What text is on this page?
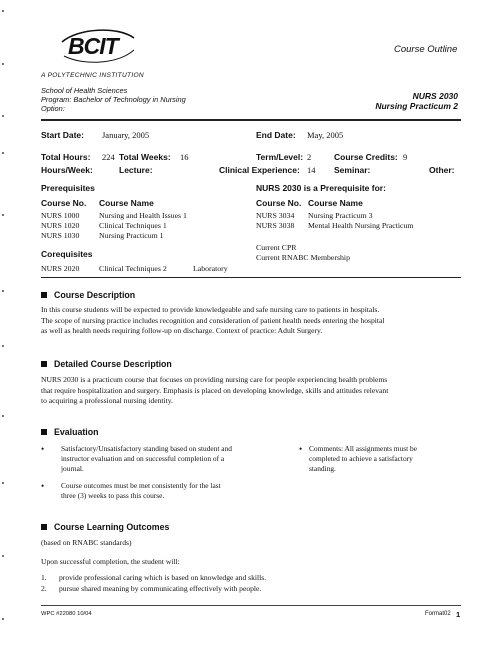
BCIT
A POLYTECHNIC INSTITUTION
Course Outline
School of Health Sciences
Program: Bachelor of Technology in Nursing
Option:
NURS 2030
Nursing Practicum 2
Start Date: January, 2005	End Date: May, 2005
Total Hours: 224 Total Weeks: 16	Term/Level: 2	Course Credits: 9
Hours/Week:	Lecture:	Clinical Experience: 14 Seminar:	Other:
Prerequisites
Course No. Course Name
NURS 1000	Nursing and Health Issues 1
NURS 1020	Clinical Techniques 1
NURS 1030	Nursing Practicum 1
Corequisites
NURS 2020	Clinical Techniques 2	Laboratory
NURS 2030 is a Prerequisite for:
Course No. Course Name
NURS 3034 Nursing Practicum 3
NURS 3038 Mental Health Nursing Practicum
Current CPR
Current RNABC Membership
Course Description
In this course students will be expected to provide knowledgeable and safe nursing care to patients in hospitals.
The scope of nursing practice includes recognition and consideration of patient health needs entering the hospital
as well as health needs requiring follow-up on discharge. Context of practice: Adult Surgery.
Detailed Course Description
NURS 2030 is a practicum course that focuses on providing nursing care for people experiencing health problems
that require hospitalization and surgery. Emphasis is placed on developing knowledge, skills and attitudes relevant
to acquiring a professional nursing identity.
Evaluation
• Satisfactory/Unsatisfactory standing based on student and
instructor evaluation and on successful completion of a
journal.
• Course outcomes must be met consistently for the last
three (3) weeks to pass this course.
• Comments: All assignments must be
completed to achieve a satisfactory
standing.
Course Learning Outcomes
(based on RNABC standards)
Upon successful completion, the student will:
1. provide professional caring which is based on knowledge and skills.
2. pursue shared meaning by communicating effectively with people.
WPC #22080 10/04	Format02 1
